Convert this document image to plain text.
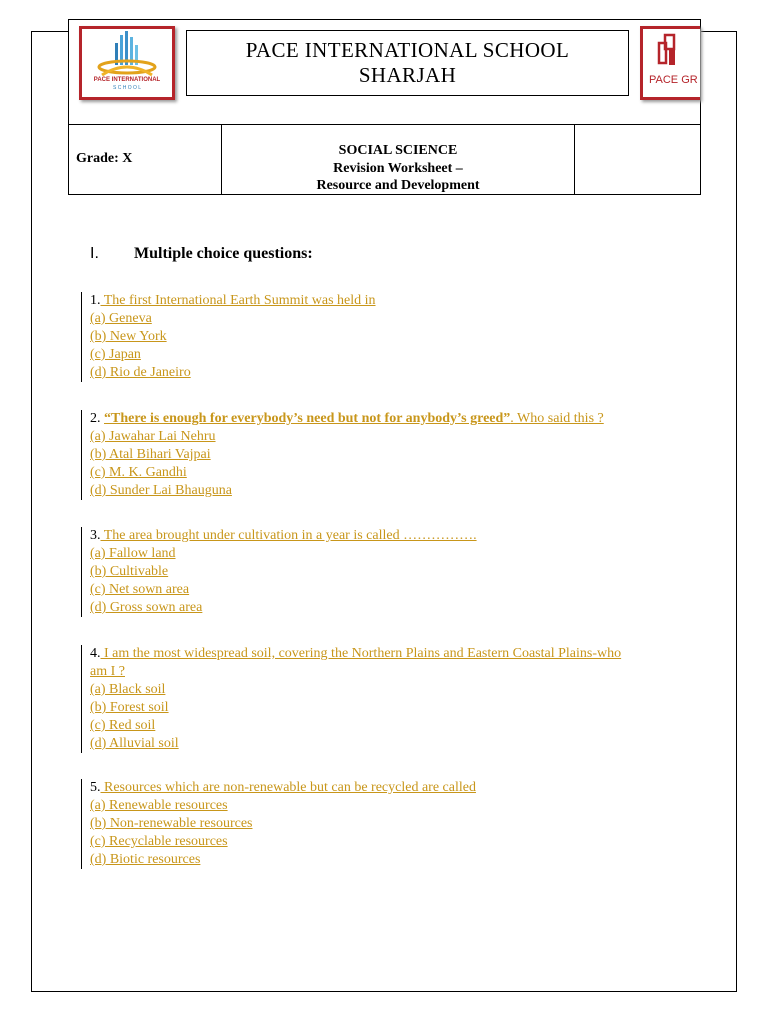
PACE INTERNATIONAL
S C H O O L
PACE INTERNATIONAL SCHOOL
SHARJAH	PACE GR
Grade: X
SOCIAL SCIENCE
Revision Worksheet –
Resource and Development
I. Multiple choice questions:
1. The first International Earth Summit was held in
(a) Geneva
(b) New York
(c) Japan
(d) Rio de Janeiro
2. “There is enough for everybody’s need but not for anybody’s greed”. Who said this ?
(a) Jawahar Lai Nehru
(b) Atal Bihari Vajpai
(c) M. K. Gandhi
(d) Sunder Lai Bhauguna
3. The area brought under cultivation in a year is called …………….
(a) Fallow land
(b) Cultivable
(c) Net sown area
(d) Gross sown area
4. I am the most widespread soil, covering the Northern Plains and Eastern Coastal Plains-who
am I ?
(a) Black soil
(b) Forest soil
(c) Red soil
(d) Alluvial soil
5. Resources which are non-renewable but can be recycled are called
(a) Renewable resources
(b) Non-renewable resources
(c) Recyclable resources
(d) Biotic resources
